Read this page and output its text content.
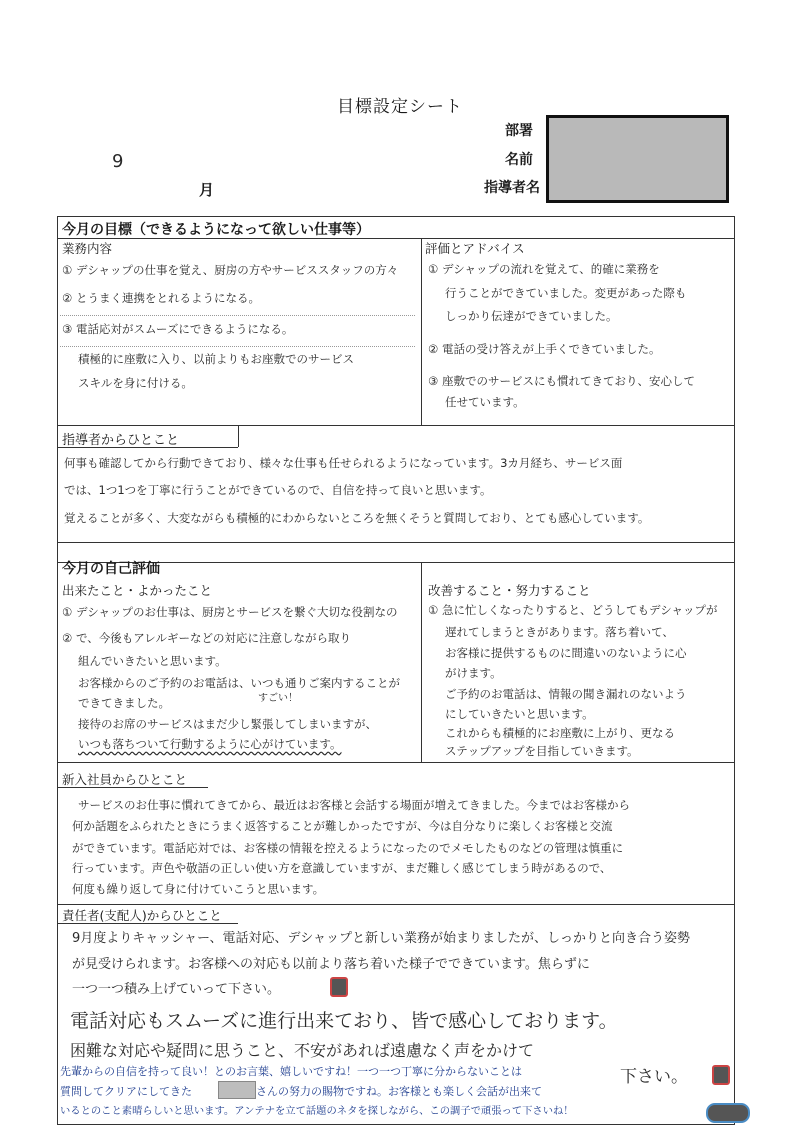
目標設定シート
部署
名前
指導者名
9
月
今月の目標（できるようになって欲しい仕事等）
業務内容	評価とアドバイス
① デシャップの仕事を覚え、厨房の方やサービススタッフの方々
② とうまく連携をとれるようになる。
③ 電話応対がスムーズにできるようになる。
積極的に座敷に入り、以前よりもお座敷でのサービス
スキルを身に付ける。
① デシャップの流れを覚えて、的確に業務を
行うことができていました。変更があった際も
しっかり伝達ができていました。
② 電話の受け答えが上手くできていました。
③ 座敷でのサービスにも慣れてきており、安心して
任せています。
指導者からひとこと
何事も確認してから行動できており、様々な仕事も任せられるようになっています。3カ月経ち、サービス面
では、1つ1つを丁寧に行うことができているので、自信を持って良いと思います。
覚えることが多く、大変ながらも積極的にわからないところを無くそうと質問しており、とても感心しています。
今月の自己評価
出来たこと・よかったこと	改善すること・努力すること
① デシャップのお仕事は、厨房とサービスを繋ぐ大切な役割なの
② で、今後もアレルギーなどの対応に注意しながら取り
組んでいきたいと思います。
お客様からのご予約のお電話は、いつも通りご案内することが
できてきました。	すごい！
接待のお席のサービスはまだ少し緊張してしまいますが、
いつも落ちついて行動するように心がけています。
① 急に忙しくなったりすると、どうしてもデシャップが
遅れてしまうときがあります。落ち着いて、
お客様に提供するものに間違いのないように心
がけます。
ご予約のお電話は、情報の聞き漏れのないよう
にしていきたいと思います。
これからも積極的にお座敷に上がり、更なる
ステップアップを目指していきます。
新入社員からひとこと
サービスのお仕事に慣れてきてから、最近はお客様と会話する場面が増えてきました。今まではお客様から
何か話題をふられたときにうまく返答することが難しかったですが、今は自分なりに楽しくお客様と交流
ができています。電話応対では、お客様の情報を控えるようになったのでメモしたものなどの管理は慎重に
行っています。声色や敬語の正しい使い方を意識していますが、まだ難しく感じてしまう時があるので、
何度も繰り返して身に付けていこうと思います。
責任者(支配人)からひとこと
9月度よりキャッシャー、電話対応、デシャップと新しい業務が始まりましたが、しっかりと向き合う姿勢
が見受けられます。お客様への対応も以前より落ち着いた様子でできています。焦らずに
一つ一つ積み上げていって下さい。
電話対応もスムーズに進行出来ており、皆で感心しております。
困難な対応や疑問に思うこと、不安があれば遠慮なく声をかけて
下さい。
先輩からの自信を持って良い！とのお言葉、嬉しいですね！一つ一つ丁寧に分からないことは
質問してクリアにしてきた	さんの努力の賜物ですね。お客様とも楽しく会話が出来て
いるとのこと素晴らしいと思います。アンテナを立て話題のネタを探しながら、この調子で頑張って下さいね！
